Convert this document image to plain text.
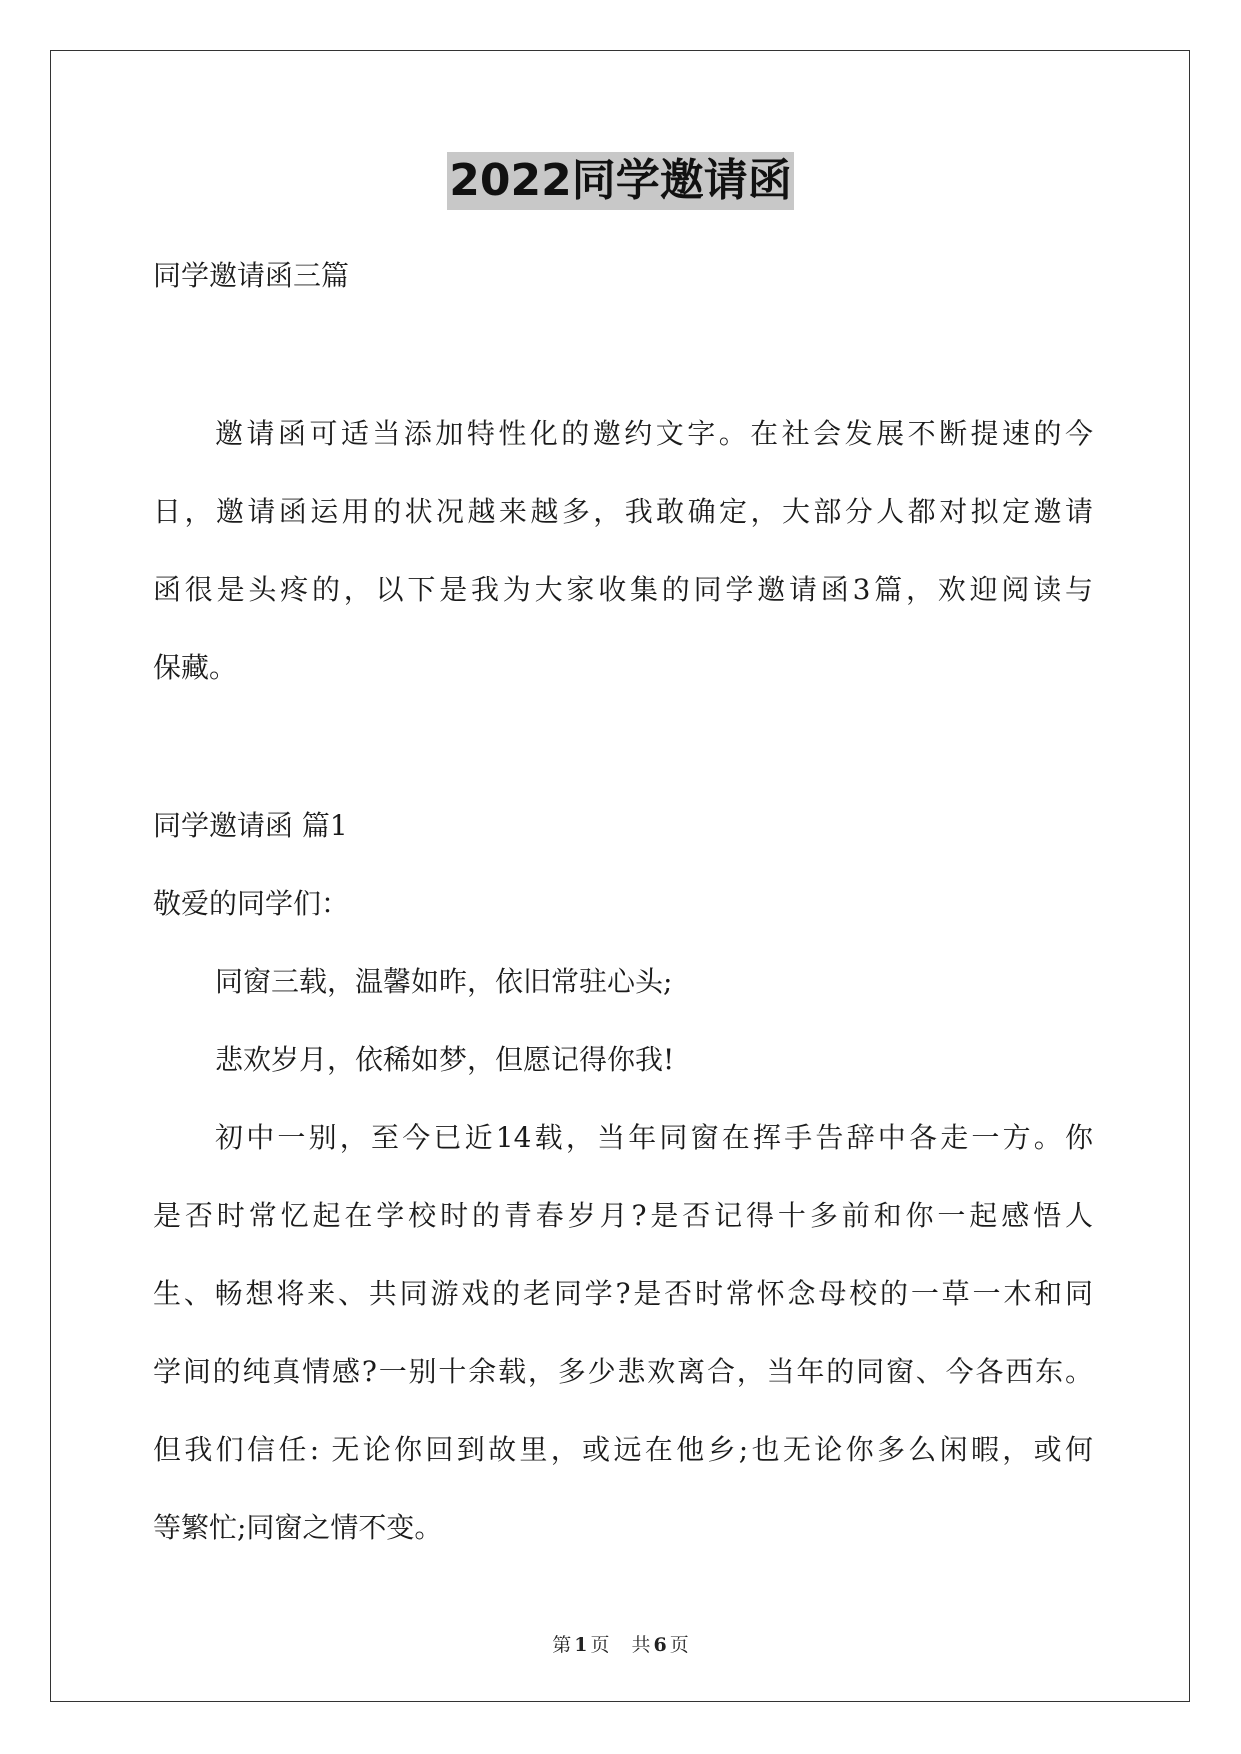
2022同学邀请函
同学邀请函三篇
邀请函可适当添加特性化的邀约文字。在社会发展不断提速的今
日，邀请函运用的状况越来越多，我敢确定，大部分人都对拟定邀请
函很是头疼的，以下是我为大家收集的同学邀请函3篇，欢迎阅读与
保藏。
同学邀请函 篇1
敬爱的同学们：
同窗三载，温馨如昨，依旧常驻心头;
悲欢岁月，依稀如梦，但愿记得你我!
初中一别，至今已近14载，当年同窗在挥手告辞中各走一方。你
是否时常忆起在学校时的青春岁月?是否记得十多前和你一起感悟人
生、畅想将来、共同游戏的老同学?是否时常怀念母校的一草一木和同
学间的纯真情感?一别十余载，多少悲欢离合，当年的同窗、今各西东。
但我们信任: 无论你回到故里，或远在他乡;也无论你多么闲暇，或何
等繁忙;同窗之情不变。
第 1 页 共 6 页
